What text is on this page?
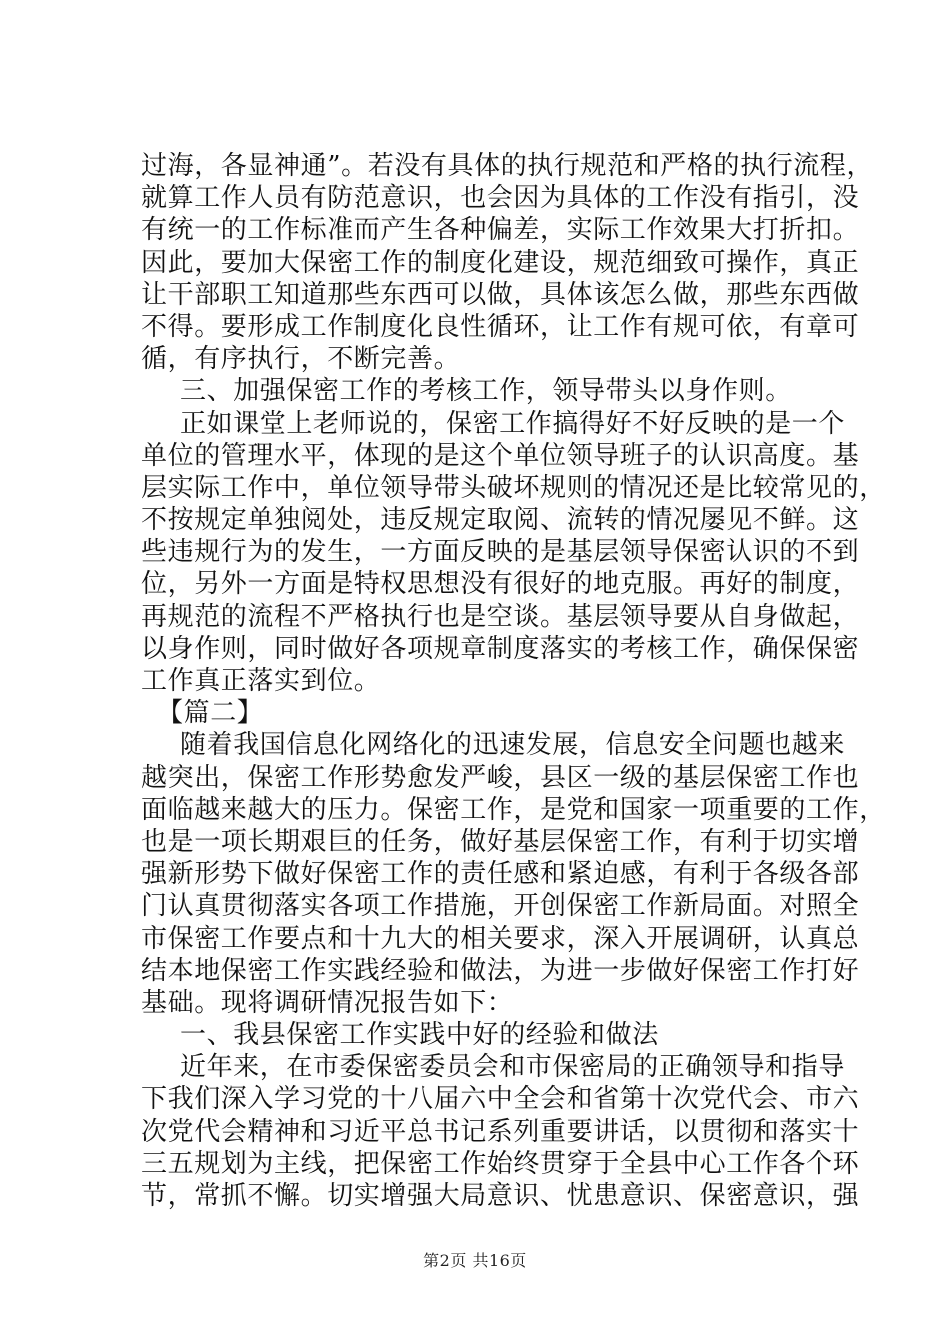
过海，各显神通”。若没有具体的执行规范和严格的执行流程，
就算工作人员有防范意识，也会因为具体的工作没有指引，没
有统一的工作标准而产生各种偏差，实际工作效果大打折扣。
因此，要加大保密工作的制度化建设，规范细致可操作，真正
让干部职工知道那些东西可以做，具体该怎么做，那些东西做
不得。要形成工作制度化良性循环，让工作有规可依，有章可
循，有序执行，不断完善。
三、加强保密工作的考核工作，领导带头以身作则。
正如课堂上老师说的，保密工作搞得好不好反映的是一个
单位的管理水平，体现的是这个单位领导班子的认识高度。基
层实际工作中，单位领导带头破坏规则的情况还是比较常见的，
不按规定单独阅处，违反规定取阅、流转的情况屡见不鲜。这
些违规行为的发生，一方面反映的是基层领导保密认识的不到
位，另外一方面是特权思想没有很好的地克服。再好的制度，
再规范的流程不严格执行也是空谈。基层领导要从自身做起，
以身作则，同时做好各项规章制度落实的考核工作，确保保密
工作真正落实到位。
【篇二】
随着我国信息化网络化的迅速发展，信息安全问题也越来
越突出，保密工作形势愈发严峻，县区一级的基层保密工作也
面临越来越大的压力。保密工作，是党和国家一项重要的工作，
也是一项长期艰巨的任务，做好基层保密工作，有利于切实增
强新形势下做好保密工作的责任感和紧迫感，有利于各级各部
门认真贯彻落实各项工作措施，开创保密工作新局面。对照全
市保密工作要点和十九大的相关要求，深入开展调研，认真总
结本地保密工作实践经验和做法，为进一步做好保密工作打好
基础。现将调研情况报告如下：
一、我县保密工作实践中好的经验和做法
近年来，在市委保密委员会和市保密局的正确领导和指导
下我们深入学习党的十八届六中全会和省第十次党代会、市六
次党代会精神和习近平总书记系列重要讲话，以贯彻和落实十
三五规划为主线，把保密工作始终贯穿于全县中心工作各个环
节，常抓不懈。切实增强大局意识、忧患意识、保密意识，强
第2页 共16页
